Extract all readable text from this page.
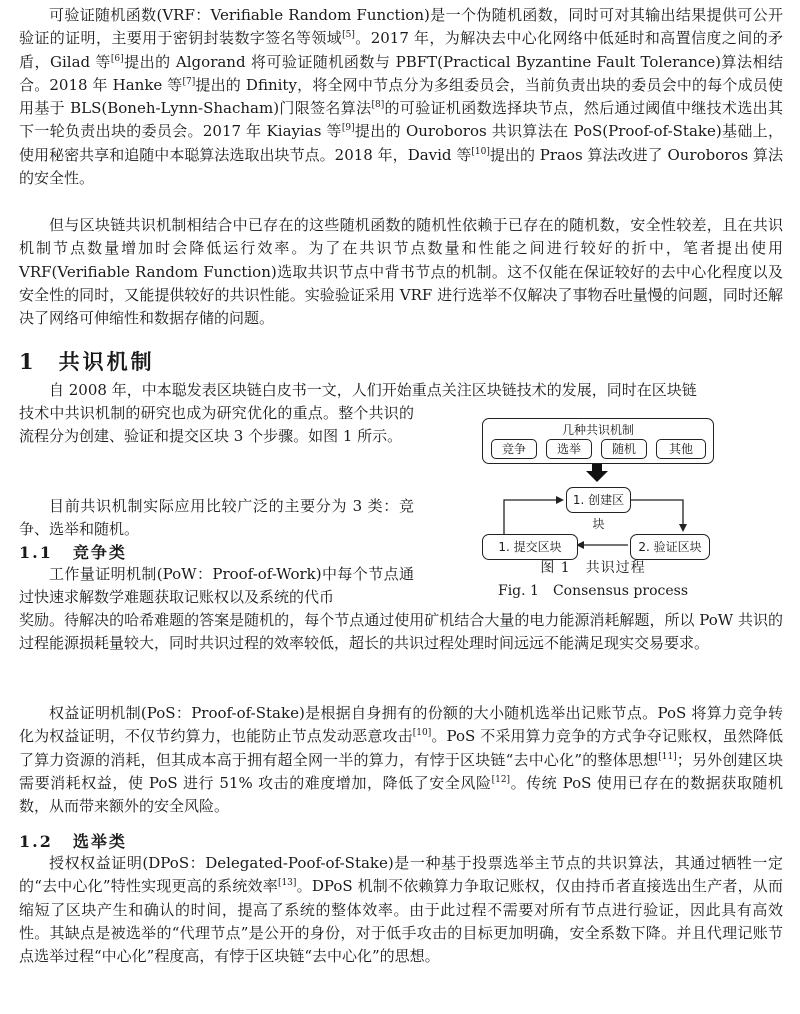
可验证随机函数(VRF：Verifiable Random Function)是一个伪随机函数，同时可对其输出结果提供可公开验证的证明，主要用于密钥封装数字签名等领域[5]。2017 年，为解决去中心化网络中低延时和高置信度之间的矛盾，Gilad 等[6]提出的 Algorand 将可验证随机函数与 PBFT(Practical Byzantine Fault Tolerance)算法相结合。2018 年 Hanke 等[7]提出的 Dfinity，将全网中节点分为多组委员会，当前负责出块的委员会中的每个成员使用基于 BLS(Boneh-Lynn-Shacham)门限签名算法[8]的可验证机函数选择块节点，然后通过阈值中继技术选出其下一轮负责出块的委员会。2017 年 Kiayias 等[9]提出的 Ouroboros 共识算法在 PoS(Proof-of-Stake)基础上，使用秘密共享和追随中本聪算法选取出块节点。2018 年，David 等[10]提出的 Praos 算法改进了 Ouroboros 算法的安全性。

但与区块链共识机制相结合中已存在的这些随机函数的随机性依赖于已存在的随机数，安全性较差，且在共识机制节点数量增加时会降低运行效率。为了在共识节点数量和性能之间进行较好的折中，笔者提出使用 VRF(Verifiable Random Function)选取共识节点中背书节点的机制。这不仅能在保证较好的去中心化程度以及安全性的同时，又能提供较好的共识性能。实验验证采用 VRF 进行选举不仅解决了事物吞吐量慢的问题，同时还解决了网络可伸缩性和数据存储的问题。

1 共识机制

自 2008 年，中本聪发表区块链白皮书一文，人们开始重点关注区块链技术的发展，同时在区块链

技术中共识机制的研究也成为研究优化的重点。整个共识的流程分为创建、验证和提交区块 3 个步骤。如图 1 所示。

目前共识机制实际应用比较广泛的主要分为 3 类：竞争、选举和随机。

1.1 竞争类

工作量证明机制(PoW：Proof-of-Work)中每个节点通过快速求解数学难题获取记账权以及系统的代币

奖励。待解决的哈希难题的答案是随机的，每个节点通过使用矿机结合大量的电力能源消耗解题，所以 PoW 共识的过程能源损耗量较大，同时共识过程的效率较低，超长的共识过程处理时间远远不能满足现实交易要求。

权益证明机制(PoS：Proof-of-Stake)是根据自身拥有的份额的大小随机选举出记账节点。PoS 将算力竞争转化为权益证明，不仅节约算力，也能防止节点发动恶意攻击[10]。PoS 不采用算力竞争的方式争夺记账权，虽然降低了算力资源的消耗，但其成本高于拥有超全网一半的算力，有悖于区块链“去中心化”的整体思想[11]；另外创建区块需要消耗权益，使 PoS 进行 51% 攻击的难度增加，降低了安全风险[12]。传统 PoS 使用已存在的数据获取随机数，从而带来额外的安全风险。

1.2 选举类

授权权益证明(DPoS：Delegated-Poof-of-Stake)是一种基于投票选举主节点的共识算法，其通过牺牲一定的“去中心化”特性实现更高的系统效率[13]。DPoS 机制不依赖算力争取记账权，仅由持币者直接选出生产者，从而缩短了区块产生和确认的时间，提高了系统的整体效率。由于此过程不需要对所有节点进行验证，因此具有高效性。其缺点是被选举的“代理节点”是公开的身份，对于低手攻击的目标更加明确，安全系数下降。并且代理记账节点选举过程“中心化”程度高，有悖于区块链“去中心化”的思想。

几种共识机制
竞争	选举	随机	其他
1. 创建区块
2. 验证区块
1. 提交区块

图 1　共识过程

Fig. 1　Consensus process
